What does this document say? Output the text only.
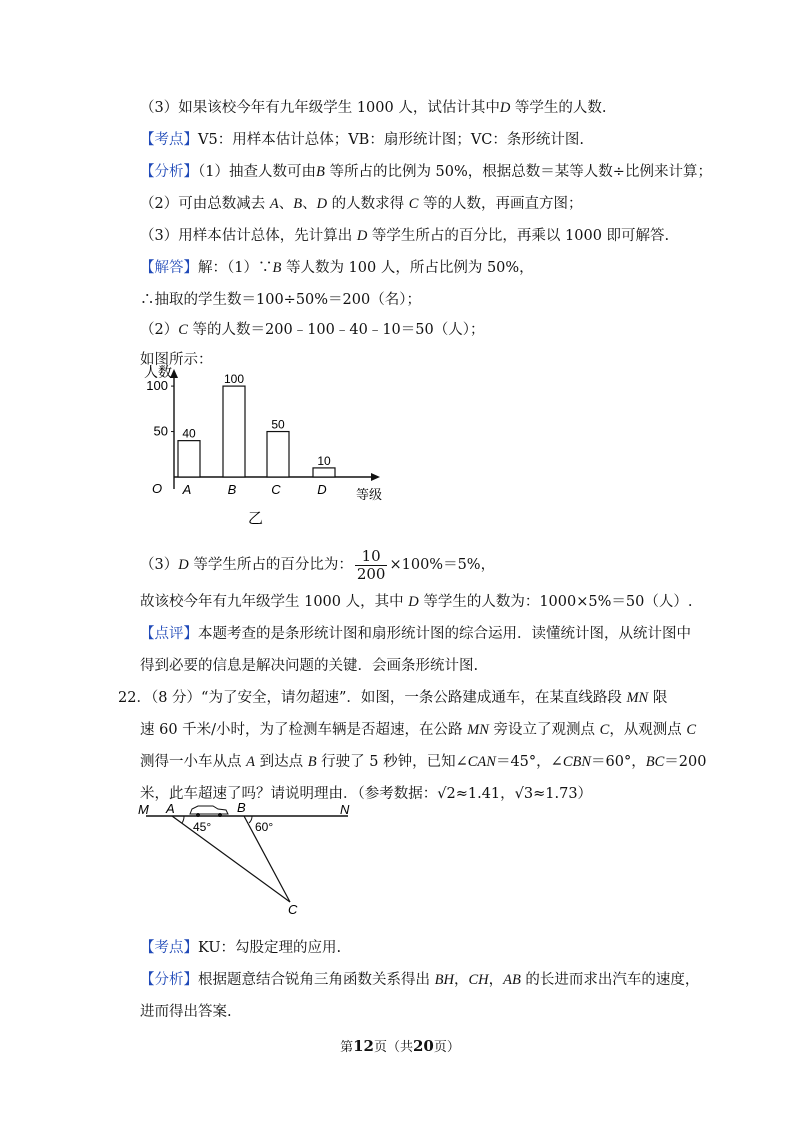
（3）如果该校今年有九年级学生 1000 人，试估计其中D 等学生的人数.
【考点】V5：用样本估计总体；VB：扇形统计图；VC：条形统计图.
【分析】（1）抽查人数可由B 等所占的比例为 50%，根据总数＝某等人数÷比例来计算；
（2）可由总数减去 A、B、D 的人数求得 C 等的人数，再画直方图；
（3）用样本估计总体，先计算出 D 等学生所占的百分比，再乘以 1000 即可解答.
【解答】解：（1）∵B 等人数为 100 人，所占比例为 50%，
∴抽取的学生数＝100÷50%＝200（名）；
（2）C 等的人数＝200﹣100﹣40﹣10＝50（人）；
如图所示：
人数
等级
O
40
A
100
B
50
C
10
D
50
100
乙
（3）D 等学生所占的百分比为： $\frac{10}{200} \times 100\%=5\%$，
故该校今年有九年级学生 1000 人，其中 D 等学生的人数为：1000×5%＝50（人）.
【点评】本题考查的是条形统计图和扇形统计图的综合运用．读懂统计图，从统计图中
得到必要的信息是解决问题的关键．会画条形统计图.
22．（8 分）“为了安全，请勿超速”．如图，一条公路建成通车，在某直线路段 MN 限
速 60 千米/小时，为了检测车辆是否超速，在公路 MN 旁设立了观测点 C，从观测点 C
测得一小车从点 A 到达点 B 行驶了 5 秒钟，已知∠CAN＝45°，∠CBN＝60°，BC＝200
米，此车超速了吗？请说明理由．（参考数据：√2≈1.41，√3≈1.73）
M A	B	N
C
45°	60°
【考点】KU：勾股定理的应用.
【分析】根据题意结合锐角三角函数关系得出 BH，CH，AB 的长进而求出汽车的速度，
进而得出答案.
第12页（共20页）
